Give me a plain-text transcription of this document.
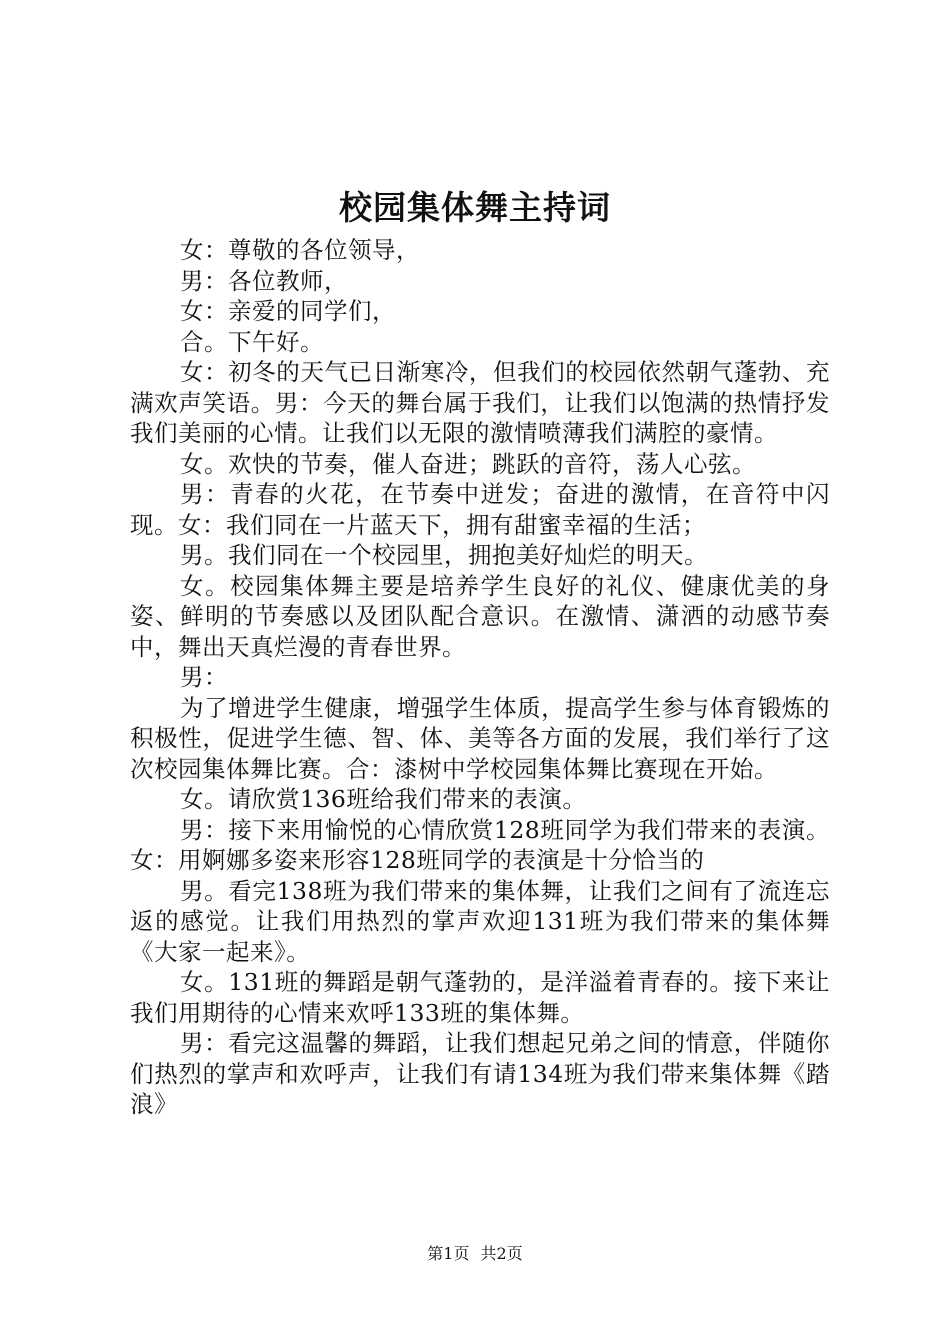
校园集体舞主持词

女：尊敬的各位领导，

男：各位教师，

女：亲爱的同学们，

合。下午好。

女：初冬的天气已日渐寒冷，但我们的校园依然朝气蓬勃、充满欢声笑语。男：今天的舞台属于我们，让我们以饱满的热情抒发我们美丽的心情。让我们以无限的激情喷薄我们满腔的豪情。

女。欢快的节奏，催人奋进；跳跃的音符，荡人心弦。

男：青春的火花，在节奏中迸发；奋进的激情，在音符中闪现。女：我们同在一片蓝天下，拥有甜蜜幸福的生活；

男。我们同在一个校园里，拥抱美好灿烂的明天。

女。校园集体舞主要是培养学生良好的礼仪、健康优美的身姿、鲜明的节奏感以及团队配合意识。在激情、潇洒的动感节奏中，舞出天真烂漫的青春世界。

男：

为了增进学生健康，增强学生体质，提高学生参与体育锻炼的积极性，促进学生德、智、体、美等各方面的发展，我们举行了这次校园集体舞比赛。合：漆树中学校园集体舞比赛现在开始。

女。请欣赏136班给我们带来的表演。

男：接下来用愉悦的心情欣赏128班同学为我们带来的表演。女：用婀娜多姿来形容128班同学的表演是十分恰当的

男。看完138班为我们带来的集体舞，让我们之间有了流连忘返的感觉。让我们用热烈的掌声欢迎131班为我们带来的集体舞《大家一起来》。

女。131班的舞蹈是朝气蓬勃的，是洋溢着青春的。接下来让我们用期待的心情来欢呼133班的集体舞。

男：看完这温馨的舞蹈，让我们想起兄弟之间的情意，伴随你们热烈的掌声和欢呼声，让我们有请134班为我们带来集体舞《踏浪》

第1页 共2页
